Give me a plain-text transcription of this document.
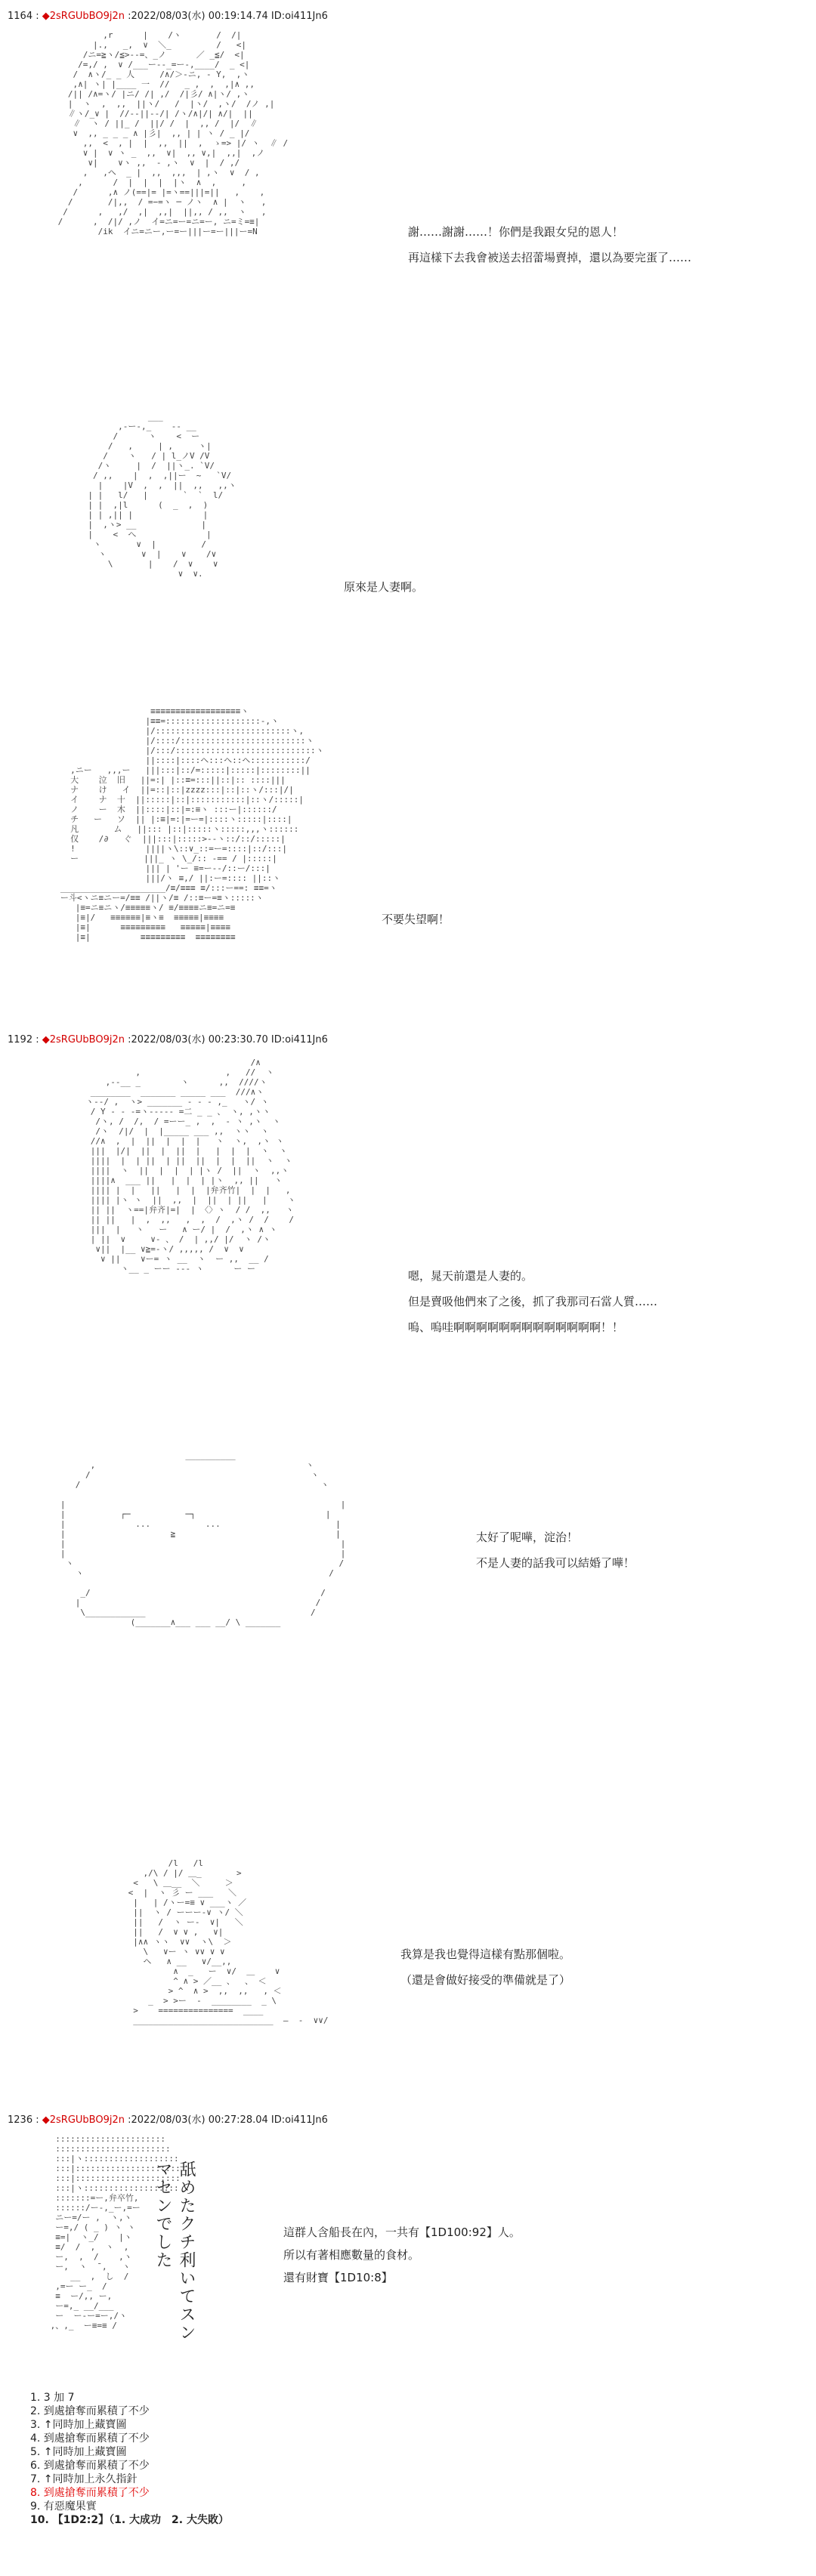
1164 : ◆2sRGUbBO9j2n :2022/08/03(水) 00:19:14.74 ID:oi411Jn6
,r      |    /ヽ       /  /|
|.,   _,  ∨  ＼_         /   <|
/ニ=≧ヽ/≦>--=、_ノ      ／ _≦/  <|
/=,/ ,  ∨ /___ー--_=ー-,____/  _ <|
/  ∧ヽ/_ _ 人     /∧/＞-ニ, - Y,  ,ヽ
,∧| ヽ| |____ 一  //   _ ,  ,  ,|∧ ,,
/|| /∧=ヽ/ |ニ/ /| ,/  /|彡/ ∧|ヽ/ ,ヽ
|  ヽ  ,  ,,  ||ヽ/   /  |ヽ/  ,ヽ/  /ノ ,|
∥ヽ/_∨ |  //--||--/| /ヽ/∧|/| ∧/|  ||
∥  ヽ / ||_ /  ||/ /  |  ,, /  |/  ∥
∨  ,, _ _ _ ∧ |彡|  ,, | | ヽ / _ |/
,,  <  , |  |  ,,  ||  ,  ゝ=> |/ ヽ  ∥ /
∨ |  ∨ ヽ _  ,,  ∨|  ,, ∨,|  ,,|  ,ノ
∨|    ∨ヽ ,,  - ,ヽ  ∨  |  / ,/
,   ,ヘ  _ |  ,,  ,,,  | ,ヽ  ∨  / ,
,      /  |  |  |  |ヽ  ∧  ,     ,
/      ,∧ ノ(==|= |=ヽ==|||=||   ,    ,
/       /|,,  / =−=ヽ ─ ノヽ  ∧ |  ヽ   ,
/      ,   ,/  ,|  ,,|  ||,, / ,,  ヽ   ,
/      ,  /|/ ,ノ  イ=ニ=ー=ニ=ー, ニ=ミ=≡|
/ik  イニ=ニー,ー=ー|||ー=ー|||ー=N	謝……謝謝……！你們是我跟女兒的恩人！
再這樣下去我會被送去招蕾場賣掉，還以為要完蛋了……
___
,-ー-,_    -- __
/      ヽ    <  ー
/   ,     | ,     ヽ|
/    ヽ   / | l_ノV /V
/ヽ     |  /  ||ヽ_. `V/
/ ,,    |  ,  ,||ー  ~   `V/
|    |V  ,  ,  ||  ,,   ,,ヽ
| |   l/   |       `  `  l/
| |  ,|l      (  _  ,  )
| | ,|| |              |
|  ,ヽ> __             |
|    <  へ              |
ヽ       ∨  |         /
ヽ       ∨  |    ∨    /∨
\       |    /  ∨    ∨
∨  ∨.

原來是人妻啊。
≡≡≡≡≡≡≡≡≡≡≡≡≡≡≡≡≡≡ヽ
|≡≡=:::::::::::::::::::-,ヽ
|/:::::::::::::::::::::::::::ヽ,
|/::::/:::::::::::::::::::::::::ヽ
|/:::/::::::::::::::::::::::::::::ヽ
||::::|::::ヘ:::ヘ::ヘ:::::::::::/
,ニー   ,,,ー   |||:::|::/=:::::|:::::|::::::::||
大    泣  旧   ||=:| |::≡=:::||::|:: ::::|||
ナ    け   イ  ||=::|::|zzzz:::|::|::ヽ/:::|/|
イ    ナ  十  ||:::::|::|:::::::::::|::ヽ/:::::|
ノ    ー  木  ||::::|::|=:≡ヽ :::ー|::::::/
チ   ー   ソ  || |:≡|=:|=ー=|::::ヽ:::::|::::|
凡       ム   ||::: |::|:::::ヽ:::::,,,ヽ::::::
仅    /∂   ぐ  |||:::|:::::>--ヽ::/::/:::::|
!              ||||ヽ\::∨_::=ー=::::|::/:::|
ー             |||_ ヽ \_/:: -== / |:::::|
||| | 'ー ≡=ー--/::ー/:::|
|||/ヽ ≡,/ ||:ー=:::: ||::ヽ
_____________________/≡/≡≡≡ ≡/:::ー==: ≡≡=ヽ
ー斗<ヽニ≡ニー=/≡≡ /||ヽ/≡ /::≡ー=≡ヽ:::::ヽ
|≡=ニ≡ニヽ/≡≡≡≡≡ヽ/ ≡/≡≡≡≡ニ≡=ニ=≡
|≡|/   ≡≡≡≡≡≡|≡ヽ≡  ≡≡≡≡≡|≡≡≡≡
|≡|      ≡≡≡≡≡≡≡≡≡   ≡≡≡≡≡|≡≡≡≡
|≡|          ≡≡≡≡≡≡≡≡≡  ≡≡≡≡≡≡≡≡

不要失望啊！
1192 : ◆2sRGUbBO9j2n :2022/08/03(水) 00:23:30.70 ID:oi411Jn6
/∧
,                 ,   //  ヽ
,--__ _        ヽ      ,,  ////ヽ
________  _______ _____ ___  ///∧ヽ
ヽ--/ ,  ヽ> _______ - - - ,_   ヽ/ ヽ
/ Y - - -=ヽ----- =二 _ _ 、 ヽ, ,ヽヽ
/ヽ, /  /,  / =ーー_ ,  ,  - ヽ ,ヽ  ヽ
/ヽ  /|/  |  |_____ ___ ,,  ヽヽ  ヽ
//∧  ,  |  ||  |  |  |   ヽ  ヽ,  ,ヽ ヽ
|||  |/|  ||  |  ||  |   |  |  |  ヽ  ヽ
||||  |  | ||  | ||  ||  |  |  ||  ヽ  ヽ
||||  ヽ  ||  |  |  | |ヽ /  ||  ヽ  ,,ヽ
||||∧  ___ ||   |  |  | |ヽ  ,, ||   ヽ
|||| |  |   ||   |  |  |弁齐竹|  |  |   ,
|||| |ヽ ヽ  ||  ,,  |  ||  | ||   |    ヽ
|| ||  ヽ==|弁齐|=|  | 〈〉ヽ  / /  ,,   ヽ
|| ||   |  ,  ,,   ,  ,  /  ,ヽ /  /    /
|||  |   ヽ   ー   ∧ ー/ |  /  ,ヽ ∧ ヽ
| ||  ∨     ∨- 、 /  | ,,/ |/  ヽ /ヽ
∨||  |__ ∨≧=-ヽ/ ,,,,, /  ∨  ∨
∨ ||    ∨ー= ヽ __  ヽ  ー ,,  __ /
ヽ__ _ ーー --- ヽ      ー ー

嗯，晁天前還是人妻的。
但是賣吸他們來了之後，抓了我那司石當人質……
嗚、嗚哇啊啊啊啊啊啊啊啊啊啊啊啊啊！！
__________
,                                          ヽ
/                                            ヽ
/                                                ヽ

|                                                       |
|           ┌─           ─┐                          |
|              ...           ...                       |
|                     ≧                                |
|                                                       |
|                                                       |
ヽ                                                     /
ヽ                                                 /

_/                                              /
|                                               /
\____________                                 /
(_______∧___ ___ __/ \ _______

太好了呢嘩，淀治！
不是人妻的話我可以結婚了嘩！
/l   /l
,/\ / |/ ＿_       >
<   \ ＿__  ＼     ＞
<  |  ヽ 彡 ー ___   ＼
|   | /ヽー=≡ ∨ ___ヽ ／
||  ヽ / ーーー-∨ ヽ/ ＼
||   /  ヽ ー-  ∨|   ＼
||   /  ∨ ∨ ,   ∨|
|∧∧ ヽヽ  ∨∨  ヽ\  ＞
\   ∨ー ヽ ∨∨ ∨ ∨
ヘ   ∧ __   ∨/__,,
∧  _   ー  ∨/  ＿    ∨
^ ∧ > ／__ 、  、 ＜
> ^  ∧ >  ,,  ,,   , ＜
_  > >ー  -  ________  _ \
>    ===============  ____
____________________________  ―  -  ∨∨/

我算是我也覺得這樣有點那個啦。
（還是會做好接受的準備就是了）
1236 : ◆2sRGUbBO9j2n :2022/08/03(水) 00:27:28.04 ID:oi411Jn6
::::::::::::::::::::::
:::::::::::::::::::::::
:::|ヽ:::::::::::::::::::
:::|:::::::::::::::::::::
:::|:::::::::::::::::::::
:::|ヽ:::::::::::::::::::
:::::::=ー,弁卒竹,
::::::/ー-,_ー,=ー
ニー=/ー ,  ヽ,ヽ
ー=,/ ( _ ) ヽ ヽ
≡=|  ヽ_/    |ヽ
≡/  /  ,  ヽ  ,
ー,  ,  /    ,ヽ
ー,  ヽ  ̄ ,   ヽ
__  ,  し  /
,=ー ー_  /
≡  ー/,, ー,
ー=,_ __/___
ー  ー-ー=ー,/ヽ
,、,_  ー≡=≡ /	舐めたクチ利いてスンマセンでした	這群人含船長在內，一共有【1D100:92】人。
所以有著相應數量的食材。
還有財寶【1D10:8】
1. 3 加 7
2. 到處搶奪而累積了不少
3. ↑同時加上藏寶圖
4. 到處搶奪而累積了不少
5. ↑同時加上藏寶圖
6. 到處搶奪而累積了不少
7. ↑同時加上永久指針
8. 到處搶奪而累積了不少
9. 有惡魔果實
10. 【1D2:2】（1. 大成功　2. 大失敗）
